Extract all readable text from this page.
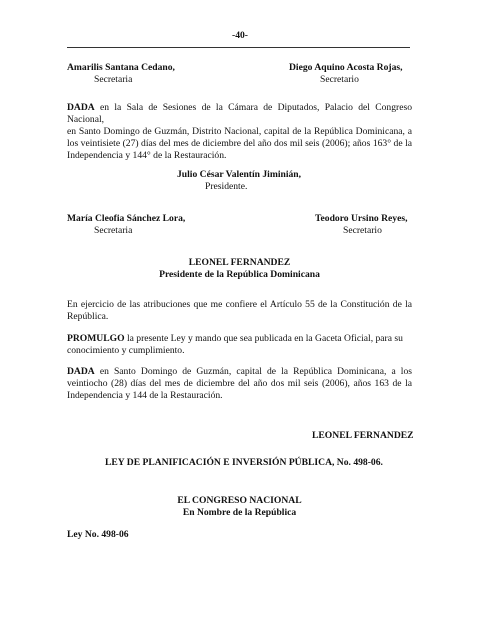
-40-
Amarilis Santana Cedano,
Secretaria
Diego Aquino Acosta Rojas,
Secretario
DADA en la Sala de Sesiones de la Cámara de Diputados, Palacio del Congreso Nacional,
en Santo Domingo de Guzmán, Distrito Nacional, capital de la República Dominicana, a
los veintisiete (27) días del mes de diciembre del año dos mil seis (2006); años 163° de la
Independencia y 144° de la Restauración.
Julio César Valentín Jiminián,
Presidente.
María Cleofia Sánchez Lora,
Secretaria
Teodoro Ursino Reyes,
Secretario
LEONEL FERNANDEZ
Presidente de la República Dominicana
En ejercicio de las atribuciones que me confiere el Artículo 55 de la Constitución de la
República.
PROMULGO la presente Ley y mando que sea publicada en la Gaceta Oficial, para su
conocimiento y cumplimiento.
DADA en Santo Domingo de Guzmán, capital de la República Dominicana, a los
veintiocho (28) días del mes de diciembre del año dos mil seis (2006), años 163 de la
Independencia y 144 de la Restauración.
LEONEL FERNANDEZ
LEY DE PLANIFICACIÓN E INVERSIÓN PÚBLICA, No. 498-06.
EL CONGRESO NACIONAL
En Nombre de la República
Ley No. 498-06
